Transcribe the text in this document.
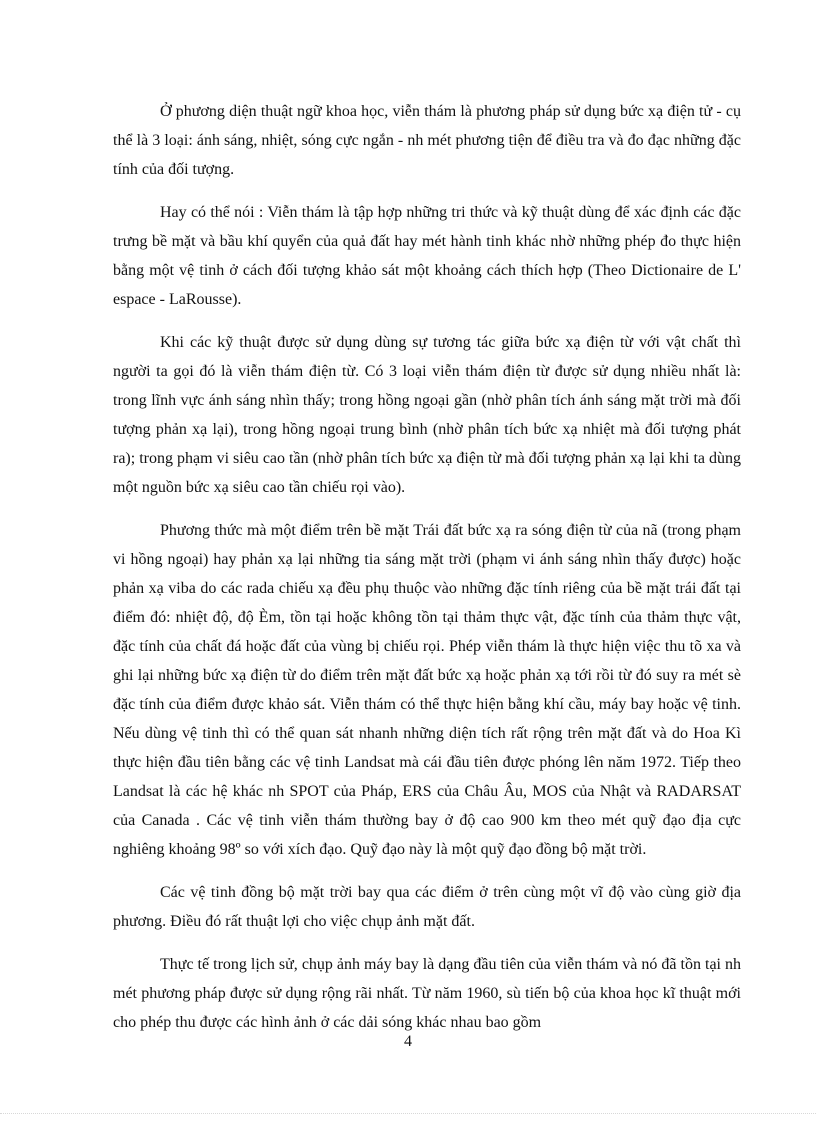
Ở phương diện thuật ngữ khoa học, viễn thám là phương pháp sử dụng bức xạ điện tử - cụ thể là 3 loại: ánh sáng, nhiệt, sóng cực ngắn - nh mét phương tiện để điều tra và đo đạc những đặc tính của đối tượng.

Hay có thể nói : Viễn thám là tập hợp những tri thức và kỹ thuật dùng để xác định các đặc trưng bề mặt và bầu khí quyển của quả đất hay mét hành tinh khác nhờ những phép đo thực hiện bằng một vệ tinh ở cách đối tượng khảo sát một khoảng cách thích hợp (Theo Dictionaire de L' espace - LaRousse).

Khi các kỹ thuật được sử dụng dùng sự tương tác giữa bức xạ điện từ với vật chất thì người ta gọi đó là viễn thám điện từ. Có 3 loại viễn thám điện từ được sử dụng nhiều nhất là: trong lĩnh vực ánh sáng nhìn thấy; trong hồng ngoại gần (nhờ phân tích ánh sáng mặt trời mà đối tượng phản xạ lại), trong hồng ngoại trung bình (nhờ phân tích bức xạ nhiệt mà đối tượng phát ra); trong phạm vi siêu cao tần (nhờ phân tích bức xạ điện từ mà đối tượng phản xạ lại khi ta dùng một nguồn bức xạ siêu cao tần chiếu rọi vào).

Phương thức mà một điểm trên bề mặt Trái đất bức xạ ra sóng điện từ của nã (trong phạm vi hồng ngoại) hay phản xạ lại những tia sáng mặt trời (phạm vi ánh sáng nhìn thấy được) hoặc phản xạ viba do các rada chiếu xạ đều phụ thuộc vào những đặc tính riêng của bề mặt trái đất tại điểm đó: nhiệt độ, độ Èm, tồn tại hoặc không tồn tại thảm thực vật, đặc tính của thảm thực vật, đặc tính của chất đá hoặc đất của vùng bị chiếu rọi. Phép viễn thám là thực hiện việc thu tõ xa và ghi lại những bức xạ điện từ do điểm trên mặt đất bức xạ hoặc phản xạ tới rồi từ đó suy ra mét sè đặc tính của điểm được khảo sát. Viễn thám có thể thực hiện bằng khí cầu, máy bay hoặc vệ tinh. Nếu dùng vệ tinh thì có thể quan sát nhanh những diện tích rất rộng trên mặt đất và do Hoa Kì thực hiện đầu tiên bằng các vệ tinh Landsat mà cái đầu tiên được phóng lên năm 1972. Tiếp theo Landsat là các hệ khác nh SPOT của Pháp, ERS của Châu Âu, MOS của Nhật và RADARSAT của Canada . Các vệ tinh viễn thám thường bay ở độ cao 900 km theo mét quỹ đạo địa cực nghiêng khoảng 98º so với xích đạo. Quỹ đạo này là một quỹ đạo đồng bộ mặt trời.

Các vệ tinh đồng bộ mặt trời bay qua các điểm ở trên cùng một vĩ độ vào cùng giờ địa phương. Điều đó rất thuật lợi cho việc chụp ảnh mặt đất.

Thực tế trong lịch sử, chụp ảnh máy bay là dạng đầu tiên của viễn thám và nó đã tồn tại nh mét phương pháp được sử dụng rộng rãi nhất. Từ năm 1960, sù tiến bộ của khoa học kĩ thuật mới cho phép thu được các hình ảnh ở các dải sóng khác nhau bao gồm

4
